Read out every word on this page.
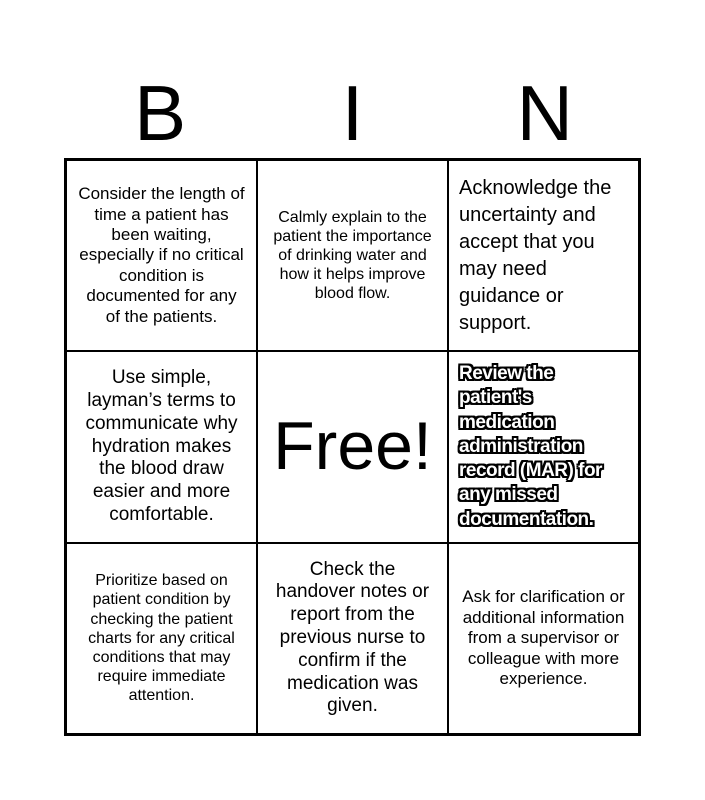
B	I	N
Consider the length of time a patient has been waiting, especially if no critical condition is documented for any of the patients.
Calmly explain to the patient the importance of drinking water and how it helps improve blood flow.
Acknowledge the uncertainty and accept that you may need guidance or support.
Use simple, layman’s terms to communicate why hydration makes the blood draw easier and more comfortable.
Free!
Review the patient's medication administration record (MAR) for any missed documentation.
Prioritize based on patient condition by checking the patient charts for any critical conditions that may require immediate attention.
Check the handover notes or report from the previous nurse to confirm if the medication was given.
Ask for clarification or additional information from a supervisor or colleague with more experience.
